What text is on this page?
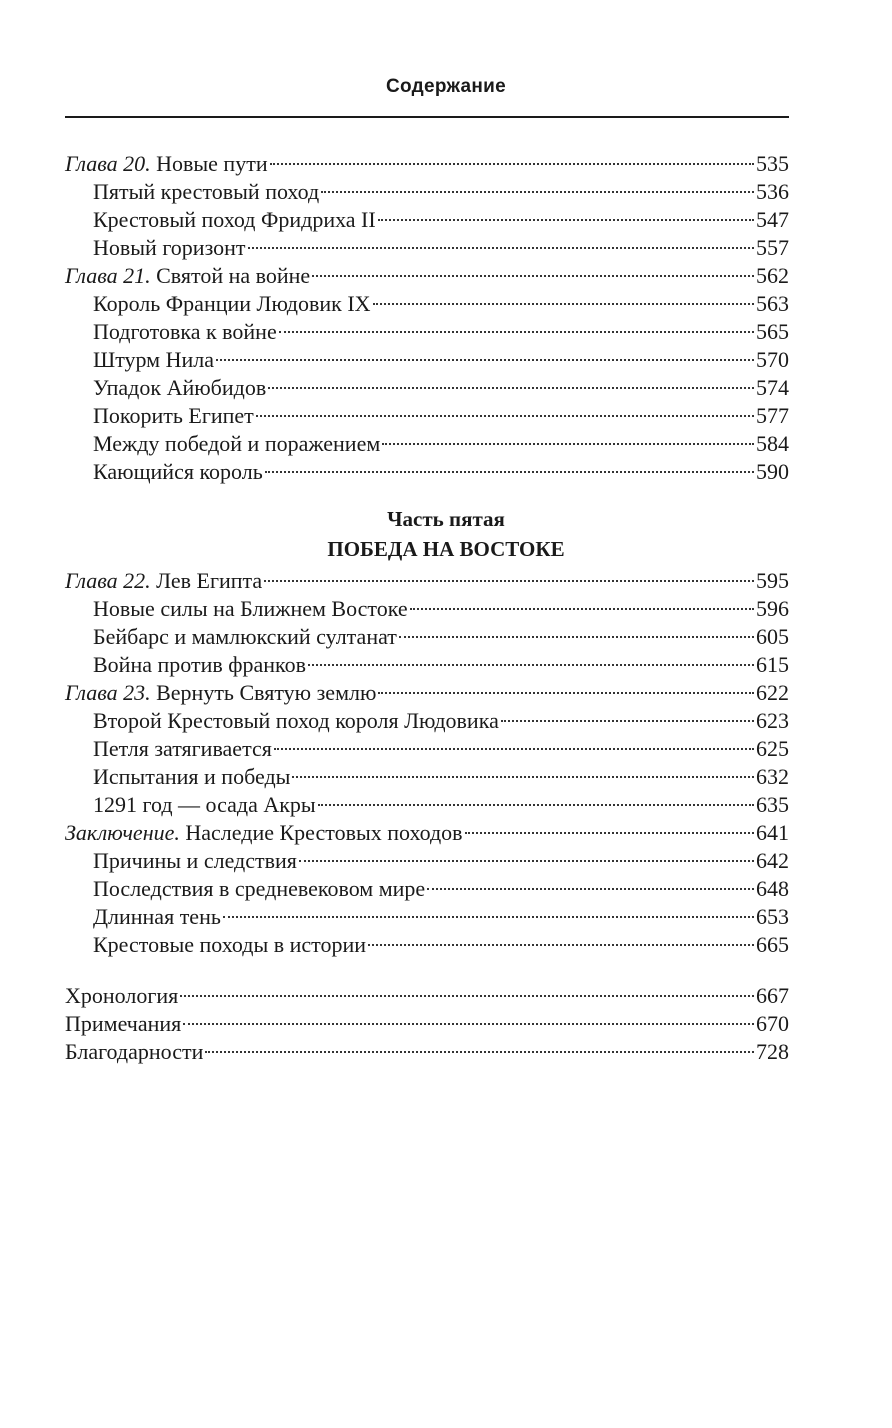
Содержание
Глава 20. Новые пути	535
Пятый крестовый поход	536
Крестовый поход Фридриха II	547
Новый горизонт	557
Глава 21. Святой на войне	562
Король Франции Людовик IX	563
Подготовка к войне	565
Штурм Нила	570
Упадок Айюбидов	574
Покорить Египет	577
Между победой и поражением	584
Кающийся король	590
Часть пятая
ПОБЕДА НА ВОСТОКЕ
Глава 22. Лев Египта	595
Новые силы на Ближнем Востоке	596
Бейбарс и мамлюкский султанат	605
Война против франков	615
Глава 23. Вернуть Святую землю	622
Второй Крестовый поход короля Людовика	623
Петля затягивается	625
Испытания и победы	632
1291 год — осада Акры	635
Заключение. Наследие Крестовых походов	641
Причины и следствия	642
Последствия в средневековом мире	648
Длинная тень	653
Крестовые походы в истории	665
Хронология	667
Примечания	670
Благодарности	728
